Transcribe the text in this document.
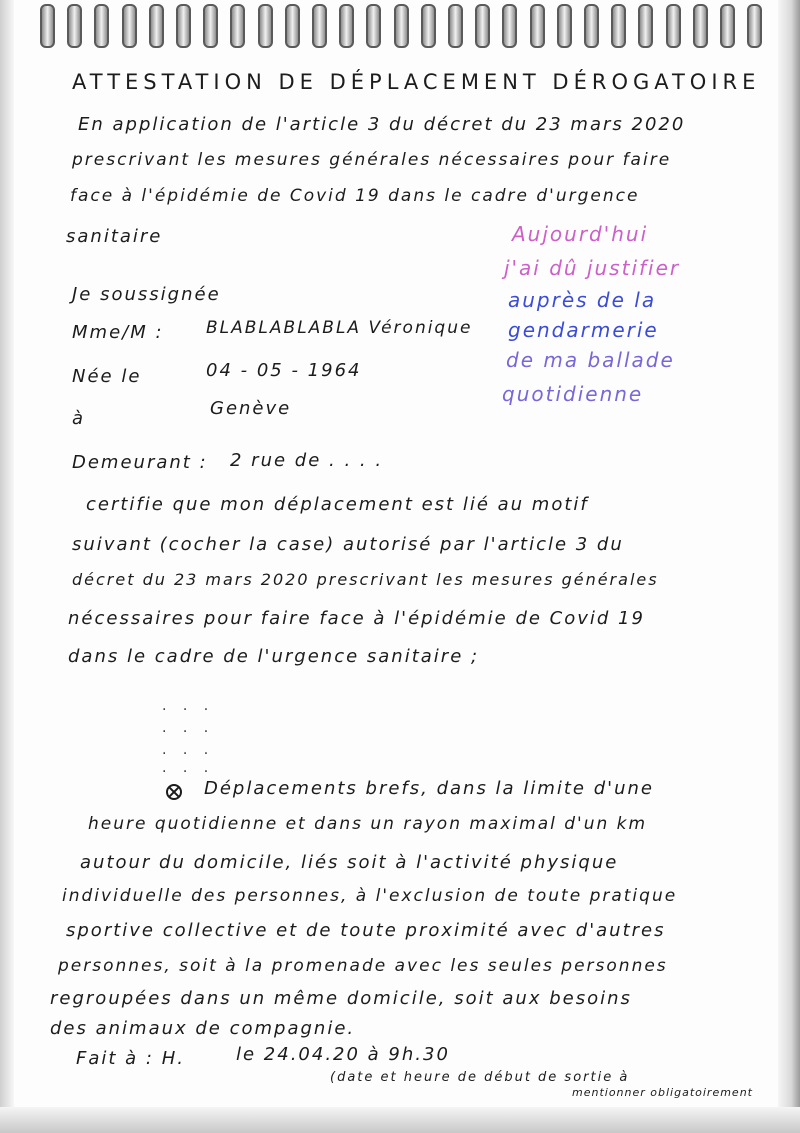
ATTESTATION DE DÉPLACEMENT DÉROGATOIRE
En application de l'article 3 du décret du 23 mars 2020
prescrivant les mesures générales nécessaires pour faire
face à l'épidémie de Covid 19 dans le cadre d'urgence
sanitaire
Je soussignée
Mme/M : BLABLABLABLA Véronique
Née le	04 - 05 - 1964
à	Genève
Demeurant : 2 rue de . . . .
Aujourd'hui
j'ai dû justifier
auprès de la
gendarmerie
de ma ballade
quotidienne
certifie que mon déplacement est lié au motif
suivant (cocher la case) autorisé par l'article 3 du
décret du 23 mars 2020 prescrivant les mesures générales
nécessaires pour faire face à l'épidémie de Covid 19
dans le cadre de l'urgence sanitaire ;
. . .
. . .
. . .
. . .
Déplacements brefs, dans la limite d'une
heure quotidienne et dans un rayon maximal d'un km
autour du domicile, liés soit à l'activité physique
individuelle des personnes, à l'exclusion de toute pratique
sportive collective et de toute proximité avec d'autres
personnes, soit à la promenade avec les seules personnes
regroupées dans un même domicile, soit aux besoins
des animaux de compagnie.
Fait à : H.	le 24.04.20 à 9h.30
(date et heure de début de sortie à
mentionner obligatoirement
